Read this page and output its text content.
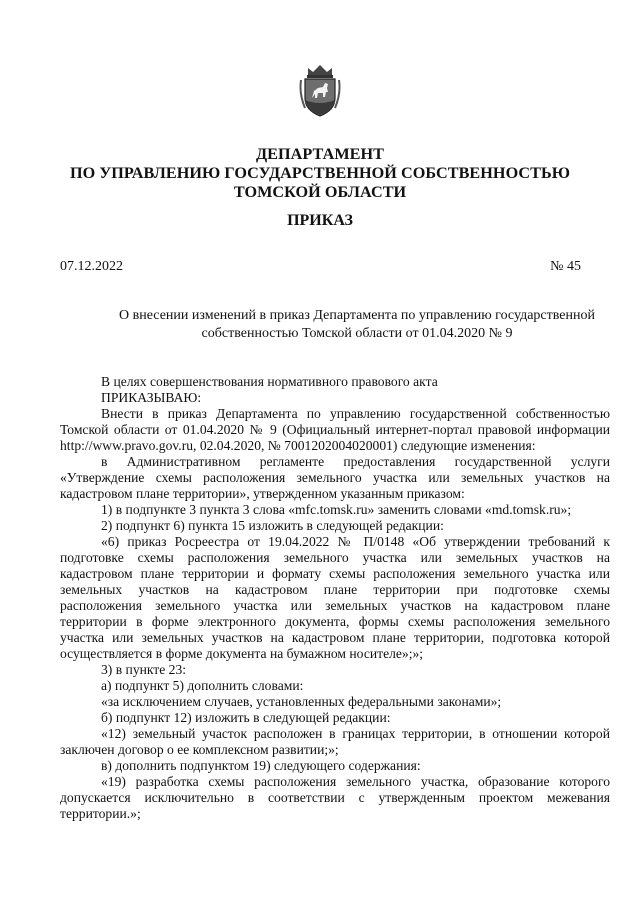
ДЕПАРТАМЕНТ
ПО УПРАВЛЕНИЮ ГОСУДАРСТВЕННОЙ СОБСТВЕННОСТЬЮ
ТОМСКОЙ ОБЛАСТИ
ПРИКАЗ
07.12.2022	№ 45
О внесении изменений в приказ Департамента по управлению государственной
собственностью Томской области от 01.04.2020 № 9
В целях совершенствования нормативного правового акта
ПРИКАЗЫВАЮ:
Внести в приказ Департамента по управлению государственной собственностью
Томской области от 01.04.2020 № 9 (Официальный интернет-портал правовой информации
http://www.pravo.gov.ru, 02.04.2020, № 7001202004020001) следующие изменения:
в Административном регламенте предоставления государственной услуги
«Утверждение схемы расположения земельного участка или земельных участков на
кадастровом плане территории», утвержденном указанным приказом:
1) в подпункте 3 пункта 3 слова «mfc.tomsk.ru» заменить словами «md.tomsk.ru»;
2) подпункт 6) пункта 15 изложить в следующей редакции:
«6) приказ Росреестра от 19.04.2022 № П/0148 «Об утверждении требований к
подготовке схемы расположения земельного участка или земельных участков на
кадастровом плане территории и формату схемы расположения земельного участка или
земельных участков на кадастровом плане территории при подготовке схемы
расположения земельного участка или земельных участков на кадастровом плане
территории в форме электронного документа, формы схемы расположения земельного
участка или земельных участков на кадастровом плане территории, подготовка которой
осуществляется в форме документа на бумажном носителе»;»;
3) в пункте 23:
а) подпункт 5) дополнить словами:
«за исключением случаев, установленных федеральными законами»;
б) подпункт 12) изложить в следующей редакции:
«12) земельный участок расположен в границах территории, в отношении которой
заключен договор о ее комплексном развитии;»;
в) дополнить подпунктом 19) следующего содержания:
«19) разработка схемы расположения земельного участка, образование которого
допускается исключительно в соответствии с утвержденным проектом межевания
территории.»;
